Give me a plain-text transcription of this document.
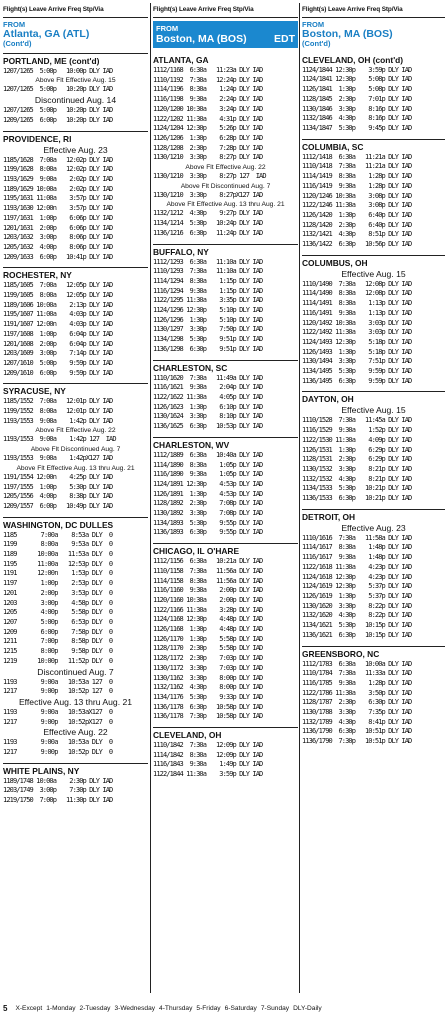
Flight(s) Leave Arrive Freq Stp/Via
FROM
Atlanta, GA (ATL)
(Cont'd)
PORTLAND, ME (cont'd)
1207/1265  5:00p   10:00p DLY IAD
Above Flt Effective Aug. 15
1207/1265  5:00p   10:20p DLY IAD
Discontinued Aug. 14
1207/1265  5:00p   10:20p DLY IAD
1209/1265  6:00p   10:20p DLY IAD
PROVIDENCE, RI
Effective Aug. 23
1185/1628  7:00a   12:02p DLY IAD
1199/1628  8:00a   12:02p DLY IAD
1193/1629  9:00a    2:02p DLY IAD
1189/1629 10:00a    2:02p DLY IAD
1195/1631 11:00a    3:57p DLY IAD
1193/1630 12:00n    3:57p DLY IAD
1197/1631  1:00p    6:06p DLY IAD
1201/1631  2:00p    6:06p DLY IAD
1203/1632  3:00p    8:06p DLY IAD
1205/1632  4:00p    8:06p DLY IAD
1209/1633  6:00p   10:41p DLY IAD
ROCHESTER, NY
1185/1605  7:00a   12:05p DLY IAD
1199/1605  8:00a   12:05p DLY IAD
1189/1606 10:00a    2:13p DLY IAD
1195/1607 11:00a    4:03p DLY IAD
1191/1607 12:00n    4:03p DLY IAD
1197/1608  1:00p    6:04p DLY IAD
1201/1608  2:00p    6:04p DLY IAD
1203/1609  3:00p    7:14p DLY IAD
1207/1610  5:00p    9:59p DLY IAD
1209/1610  6:00p    9:59p DLY IAD
SYRACUSE, NY
1185/1552  7:00a   12:01p DLY IAD
1199/1552  8:00a   12:01p DLY IAD
1193/1553  9:00a    1:42p DLY IAD
Above Flt Effective Aug. 22
1193/1553  9:00a    1:42p 127  IAD
Above Flt Discontinued Aug. 7
1193/1553  9:00a    1:42pX127 IAD
Above Flt Effective Aug. 13 thru Aug. 21
1191/1554 12:00n    4:25p DLY IAD
1197/1555  1:00p    5:30p DLY IAD
1205/1556  4:00p    8:38p DLY IAD
1209/1557  6:00p   10:49p DLY IAD
WASHINGTON, DC DULLES
1185       7:00a    8:53a DLY  0
1199       8:00a    9:53a DLY  0
1189      10:00a   11:53a DLY  0
1195      11:00a   12:53p DLY  0
1191      12:00n    1:53p DLY  0
1197       1:00p    2:53p DLY  0
1201       2:00p    3:53p DLY  0
1203       3:00p    4:58p DLY  0
1205       4:00p    5:58p DLY  0
1207       5:00p    6:53p DLY  0
1209       6:00p    7:58p DLY  0
1211       7:00p    8:58p DLY  0
1215       8:00p    9:58p DLY  0
1219      10:00p   11:52p DLY  0
Discontinued Aug. 7
1193       9:00a   10:53a 127  0
1217       9:00p   10:52p 127  0
Effective Aug. 13 thru Aug. 21
1193       9:00a   10:53aX127  0
1217       9:00p   10:52pX127  0
Effective Aug. 22
1193       9:00a   10:53a DLY  0
1217       9:00p   10:52p DLY  0
WHITE PLAINS, NY
1189/1748 10:00a    2:30p DLY IAD
1203/1749  3:00p    7:30p DLY IAD
1219/1750  7:00p   11:30p DLY IAD
Flight(s) Leave Arrive Freq Stp/Via
FROM
Boston, MA (BOS)	EDT
ATLANTA, GA
1112/1168  6:30a   11:23a DLY IAD
1110/1192  7:30a   12:24p DLY IAD
1114/1196  8:30a    1:24p DLY IAD
1116/1198  9:30a    2:24p DLY IAD
1120/1200 10:30a    3:24p DLY IAD
1122/1202 11:30a    4:31p DLY IAD
1124/1204 12:30p    5:26p DLY IAD
1126/1206  1:30p    6:28p DLY IAD
1128/1208  2:30p    7:28p DLY IAD
1130/1210  3:30p    8:27p DLY IAD
Above Flt Effective Aug. 22
1130/1210  3:30p    8:27p 127  IAD
Above Flt Discontinued Aug. 7
1130/1210  3:30p    8:27pX127 IAD
Above Flt Effective Aug. 13 thru Aug. 21
1132/1212  4:30p    9:27p DLY IAD
1134/1214  5:30p   10:24p DLY IAD
1136/1216  6:30p   11:24p DLY IAD
BUFFALO, NY
1112/1293  6:30a   11:10a DLY IAD
1110/1293  7:30a   11:10a DLY IAD
1114/1294  8:30a    1:15p DLY IAD
1116/1294  9:30a    1:15p DLY IAD
1122/1295 11:30a    3:35p DLY IAD
1124/1296 12:30p    5:10p DLY IAD
1126/1296  1:30p    5:10p DLY IAD
1130/1297  3:30p    7:50p DLY IAD
1134/1298  5:30p    9:51p DLY IAD
1136/1298  6:30p    9:51p DLY IAD
CHARLESTON, SC
1110/1620  7:30a   11:49a DLY IAD
1116/1621  9:30a    2:04p DLY IAD
1122/1622 11:30a    4:05p DLY IAD
1126/1623  1:30p    6:10p DLY IAD
1130/1624  3:30p    8:10p DLY IAD
1136/1625  6:30p   10:53p DLY IAD
CHARLESTON, WV
1112/1889  6:30a   10:40a DLY IAD
1114/1890  8:30a    1:05p DLY IAD
1116/1890  9:30a    1:05p DLY IAD
1124/1891 12:30p    4:53p DLY IAD
1126/1891  1:30p    4:53p DLY IAD
1128/1892  2:30p    7:08p DLY IAD
1130/1892  3:30p    7:08p DLY IAD
1134/1893  5:30p    9:55p DLY IAD
1136/1893  6:30p    9:55p DLY IAD
CHICAGO, IL O'HARE
1112/1156  6:30a   10:21a DLY IAD
1110/1158  7:30a   11:56a DLY IAD
1114/1158  8:30a   11:56a DLY IAD
1116/1160  9:30a    2:00p DLY IAD
1120/1160 10:30a    2:00p DLY IAD
1122/1166 11:30a    3:28p DLY IAD
1124/1168 12:30p    4:48p DLY IAD
1126/1168  1:30p    4:48p DLY IAD
1126/1170  1:30p    5:58p DLY IAD
1128/1170  2:30p    5:58p DLY IAD
1128/1172  2:30p    7:03p DLY IAD
1130/1172  3:30p    7:03p DLY IAD
1130/1162  3:30p    8:00p DLY IAD
1132/1162  4:30p    8:00p DLY IAD
1134/1176  5:30p    9:33p DLY IAD
1136/1178  6:30p   10:58p DLY IAD
1136/1178  7:30p   10:58p DLY IAD
CLEVELAND, OH
1110/1842  7:30a   12:09p DLY IAD
1114/1842  8:30a   12:09p DLY IAD
1116/1843  9:30a    1:49p DLY IAD
1122/1844 11:30a    3:59p DLY IAD
Flight(s) Leave Arrive Freq Stp/Via
FROM
Boston, MA (BOS)
(Cont'd)
CLEVELAND, OH (cont'd)
1124/1844 12:30p    3:59p DLY IAD
1124/1841 12:30p    5:08p DLY IAD
1126/1841  1:30p    5:08p DLY IAD
1128/1845  2:30p    7:01p DLY IAD
1130/1846  3:30p    8:16p DLY IAD
1132/1846  4:30p    8:16p DLY IAD
1134/1847  5:30p    9:45p DLY IAD
COLUMBIA, SC
1112/1418  6:30a   11:21a DLY IAD
1110/1418  7:30a   11:21a DLY IAD
1114/1419  8:30a    1:28p DLY IAD
1116/1419  9:30a    1:28p DLY IAD
1120/1246 10:30a    3:08p DLY IAD
1122/1246 11:30a    3:08p DLY IAD
1126/1420  1:30p    6:40p DLY IAD
1128/1420  2:30p    6:40p DLY IAD
1132/1421  4:30p    8:51p DLY IAD
1136/1422  6:30p   10:56p DLY IAD
COLUMBUS, OH
Effective Aug. 15
1110/1490  7:30a   12:08p DLY IAD
1114/1490  8:30a   12:08p DLY IAD
1114/1491  8:30a    1:13p DLY IAD
1116/1491  9:30a    1:13p DLY IAD
1120/1492 10:30a    3:03p DLY IAD
1122/1492 11:30a    3:03p DLY IAD
1124/1493 12:30p    5:18p DLY IAD
1126/1493  1:30p    5:18p DLY IAD
1130/1494  3:30p    7:51p DLY IAD
1134/1495  5:30p    9:59p DLY IAD
1136/1495  6:30p    9:59p DLY IAD
DAYTON, OH
Effective Aug. 15
1110/1528  7:30a   11:45a DLY IAD
1116/1529  9:30a    1:52p DLY IAD
1122/1530 11:30a    4:09p DLY IAD
1126/1531  1:30p    6:29p DLY IAD
1128/1531  2:30p    6:29p DLY IAD
1130/1532  3:30p    8:21p DLY IAD
1132/1532  4:30p    8:21p DLY IAD
1134/1533  5:30p   10:21p DLY IAD
1136/1533  6:30p   10:21p DLY IAD
DETROIT, OH
Effective Aug. 23
1110/1616  7:30a   11:58a DLY IAD
1114/1617  8:30a    1:48p DLY IAD
1116/1617  9:30a    1:48p DLY IAD
1122/1618 11:30a    4:23p DLY IAD
1124/1618 12:30p    4:23p DLY IAD
1124/1619 12:30p    5:37p DLY IAD
1126/1619  1:30p    5:37p DLY IAD
1130/1620  3:30p    8:22p DLY IAD
1132/1620  4:30p    8:22p DLY IAD
1134/1621  5:30p   10:15p DLY IAD
1136/1621  6:30p   10:15p DLY IAD
GREENSBORO, NC
1112/1783  6:30a   10:00a DLY IAD
1110/1784  7:30a   11:33a DLY IAD
1116/1785  9:30a    1:28p DLY IAD
1122/1786 11:30a    3:50p DLY IAD
1128/1787  2:30p    6:30p DLY IAD
1130/1788  3:30p    7:35p DLY IAD
1132/1789  4:30p    8:41p DLY IAD
1136/1790  6:30p   10:51p DLY IAD
1136/1790  7:30p   10:51p DLY IAD
5 X-Except 1-Monday 2-Tuesday 3-Wednesday 4-Thursday 5-Friday 6-Saturday 7-Sunday DLY-Daily
